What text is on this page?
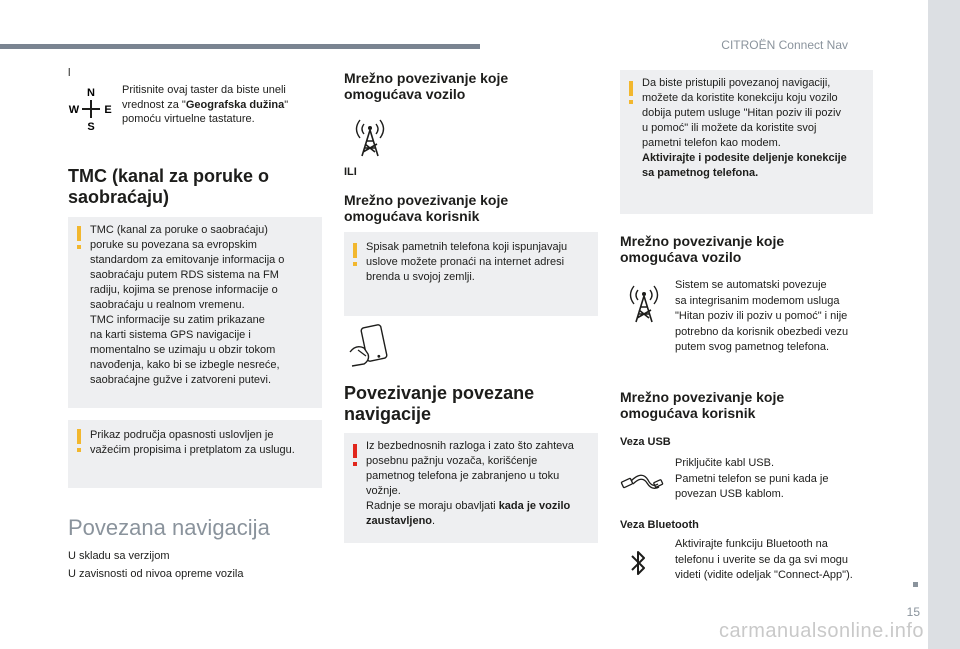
CITROËN Connect Nav
15
l
N
W E
S
Pritisnite ovaj taster da biste uneli
vrednost za "Geografska dužina"
pomoću virtuelne tastature.
TMC (kanal za poruke o
saobraćaju)
TMC (kanal za poruke o saobraćaju)
poruke su povezana sa evropskim
standardom za emitovanje informacija o
saobraćaju putem RDS sistema na FM
radiju, kojima se prenose informacije o
saobraćaju u realnom vremenu.
TMC informacije su zatim prikazane
na karti sistema GPS navigacije i
momentalno se uzimaju u obzir tokom
navođenja, kako bi se izbegle nesreće,
saobraćajne gužve i zatvoreni putevi.
Prikaz područja opasnosti uslovljen je
važećim propisima i pretplatom za uslugu.
Povezana navigacija
U skladu sa verzijom
U zavisnosti od nivoa opreme vozila
Mrežno povezivanje koje
omogućava vozilo
ILI
Mrežno povezivanje koje
omogućava korisnik
Spisak pametnih telefona koji ispunjavaju
uslove možete pronaći na internet adresi
brenda u svojoj zemlji.
Povezivanje povezane
navigacije
Iz bezbednosnih razloga i zato što zahteva
posebnu pažnju vozača, korišćenje
pametnog telefona je zabranjeno u toku
vožnje.
Radnje se moraju obavljati kada je vozilo
zaustavljeno.
Da biste pristupili povezanoj navigaciji,
možete da koristite konekciju koju vozilo
dobija putem usluge "Hitan poziv ili poziv
u pomoć" ili možete da koristite svoj
pametni telefon kao modem.
Aktivirajte i podesite deljenje konekcije
sa pametnog telefona.
Mrežno povezivanje koje
omogućava vozilo
Sistem se automatski povezuje
sa integrisanim modemom usluga
"Hitan poziv ili poziv u pomoć" i nije
potrebno da korisnik obezbedi vezu
putem svog pametnog telefona.
Mrežno povezivanje koje
omogućava korisnik
Veza USB
Priključite kabl USB.
Pametni telefon se puni kada je
povezan USB kablom.
Veza Bluetooth
Aktivirajte funkciju Bluetooth na
telefonu i uverite se da ga svi mogu
videti (vidite odeljak "Connect-App").
carmanualsonline.info
